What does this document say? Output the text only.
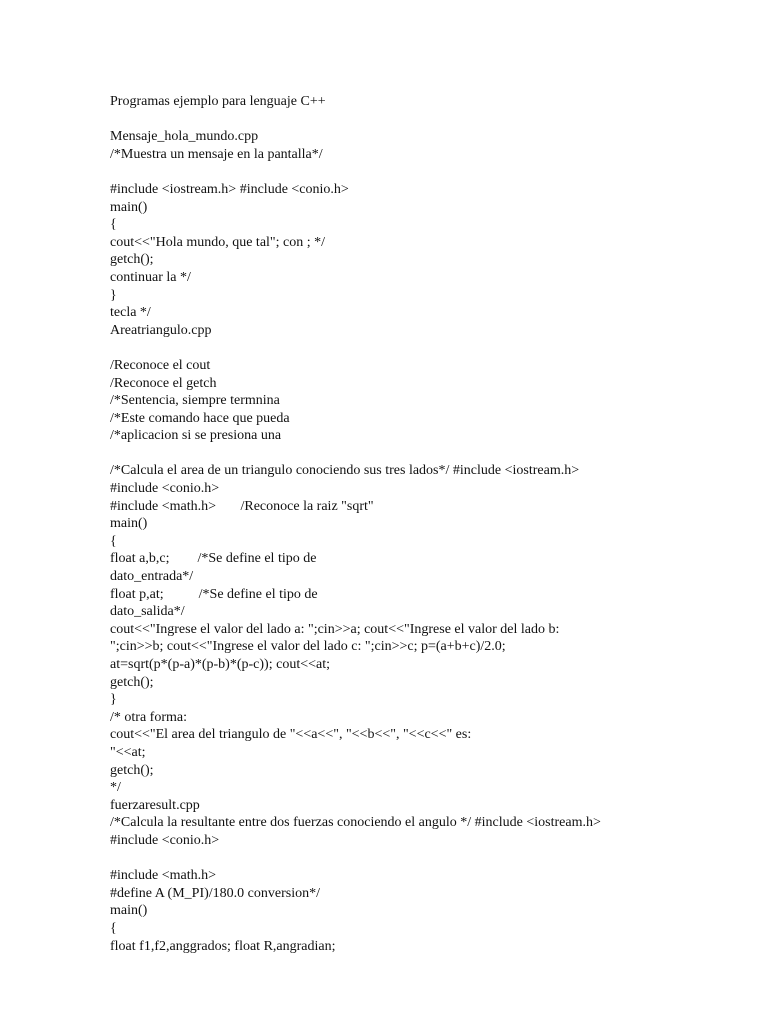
Programas ejemplo para lenguaje C++
Mensaje_hola_mundo.cpp
/*Muestra un mensaje en la pantalla*/
#include <iostream.h> #include <conio.h>
main()
{
cout<<"Hola mundo, que tal"; con ; */
getch();
continuar la */
}
tecla */
Areatriangulo.cpp
/Reconoce el cout
/Reconoce el getch
/*Sentencia, siempre termnina
/*Este comando hace que pueda
/*aplicacion si se presiona una
/*Calcula el area de un triangulo conociendo sus tres lados*/ #include <iostream.h>
#include <conio.h>
#include <math.h>       /Reconoce la raiz "sqrt"
main()
{
float a,b,c;        /*Se define el tipo de
dato_entrada*/
float p,at;          /*Se define el tipo de
dato_salida*/
cout<<"Ingrese el valor del lado a: ";cin>>a; cout<<"Ingrese el valor del lado b:
";cin>>b; cout<<"Ingrese el valor del lado c: ";cin>>c; p=(a+b+c)/2.0;
at=sqrt(p*(p-a)*(p-b)*(p-c)); cout<<at;
getch();
}
/* otra forma:
cout<<"El area del triangulo de "<<a<<", "<<b<<", "<<c<<" es:
"<<at;
getch();
*/
fuerzaresult.cpp
/*Calcula la resultante entre dos fuerzas conociendo el angulo */ #include <iostream.h>
#include <conio.h>
#include <math.h>
#define A (M_PI)/180.0 conversion*/
main()
{
float f1,f2,anggrados; float R,angradian;
